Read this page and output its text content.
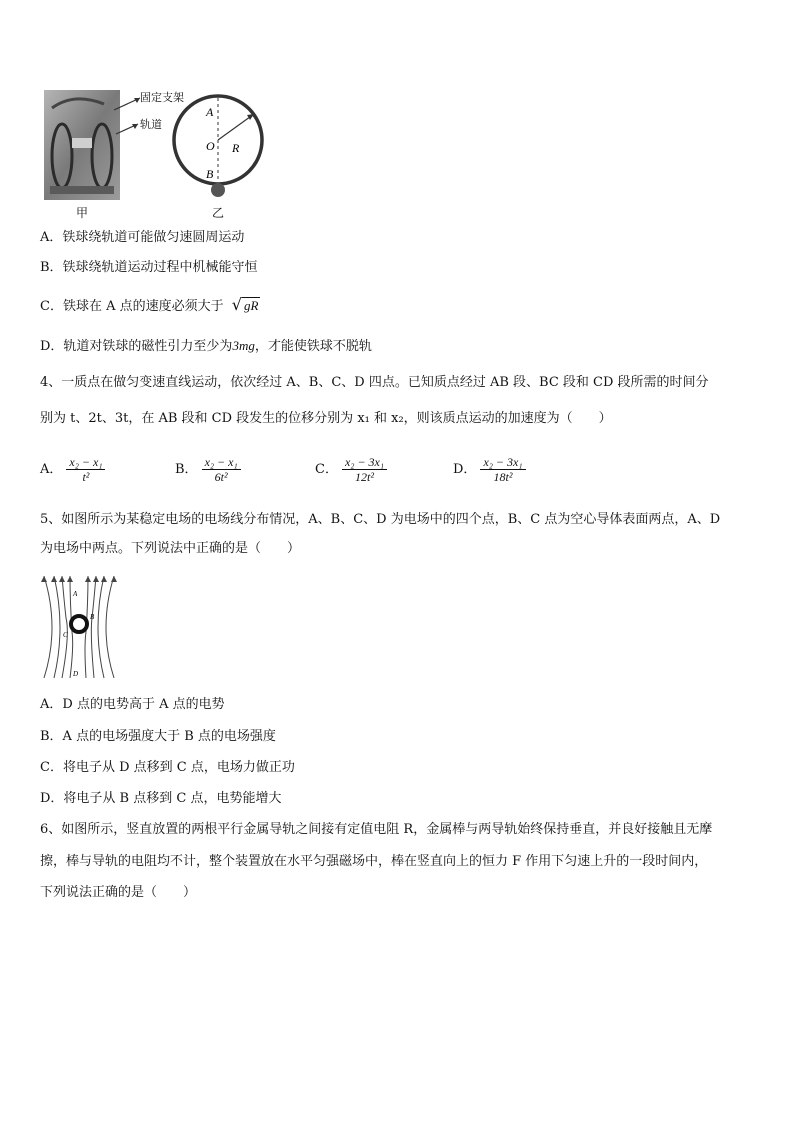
固定支架
轨道
甲
A
O R
B
乙
A．铁球绕轨道可能做匀速圆周运动
B．铁球绕轨道运动过程中机械能守恒
C．铁球在 A 点的速度必须大于 √ gR
D．轨道对铁球的磁性引力至少为3mg，才能使铁球不脱轨
4、一质点在做匀变速直线运动，依次经过 A、B、C、D 四点。已知质点经过 AB 段、BC 段和 CD 段所需的时间分
别为 t、2t、3t，在 AB 段和 CD 段发生的位移分别为 x₁ 和 x₂，则该质点运动的加速度为（　　）
A． $\frac{\text{x₂ − x₁}}{\text{t²}}$	B． $\frac{\text{x₂ − x₁}}{\text{6t²}}$	C． $\frac{\text{x₂ − 3x₁}}{\text{12t²}}$	D． $\frac{\text{x₂ − 3x₁}}{\text{18t²}}$
5、如图所示为某稳定电场的电场线分布情况，A、B、C、D 为电场中的四个点，B、C 点为空心导体表面两点，A、D
为电场中两点。下列说法中正确的是（　　）
A
B
C
D
A．D 点的电势高于 A 点的电势
B．A 点的电场强度大于 B 点的电场强度
C．将电子从 D 点移到 C 点，电场力做正功
D．将电子从 B 点移到 C 点，电势能增大
6、如图所示，竖直放置的两根平行金属导轨之间接有定值电阻 R，金属棒与两导轨始终保持垂直，并良好接触且无摩
擦，棒与导轨的电阻均不计，整个装置放在水平匀强磁场中，棒在竖直向上的恒力 F 作用下匀速上升的一段时间内，
下列说法正确的是（　　）
